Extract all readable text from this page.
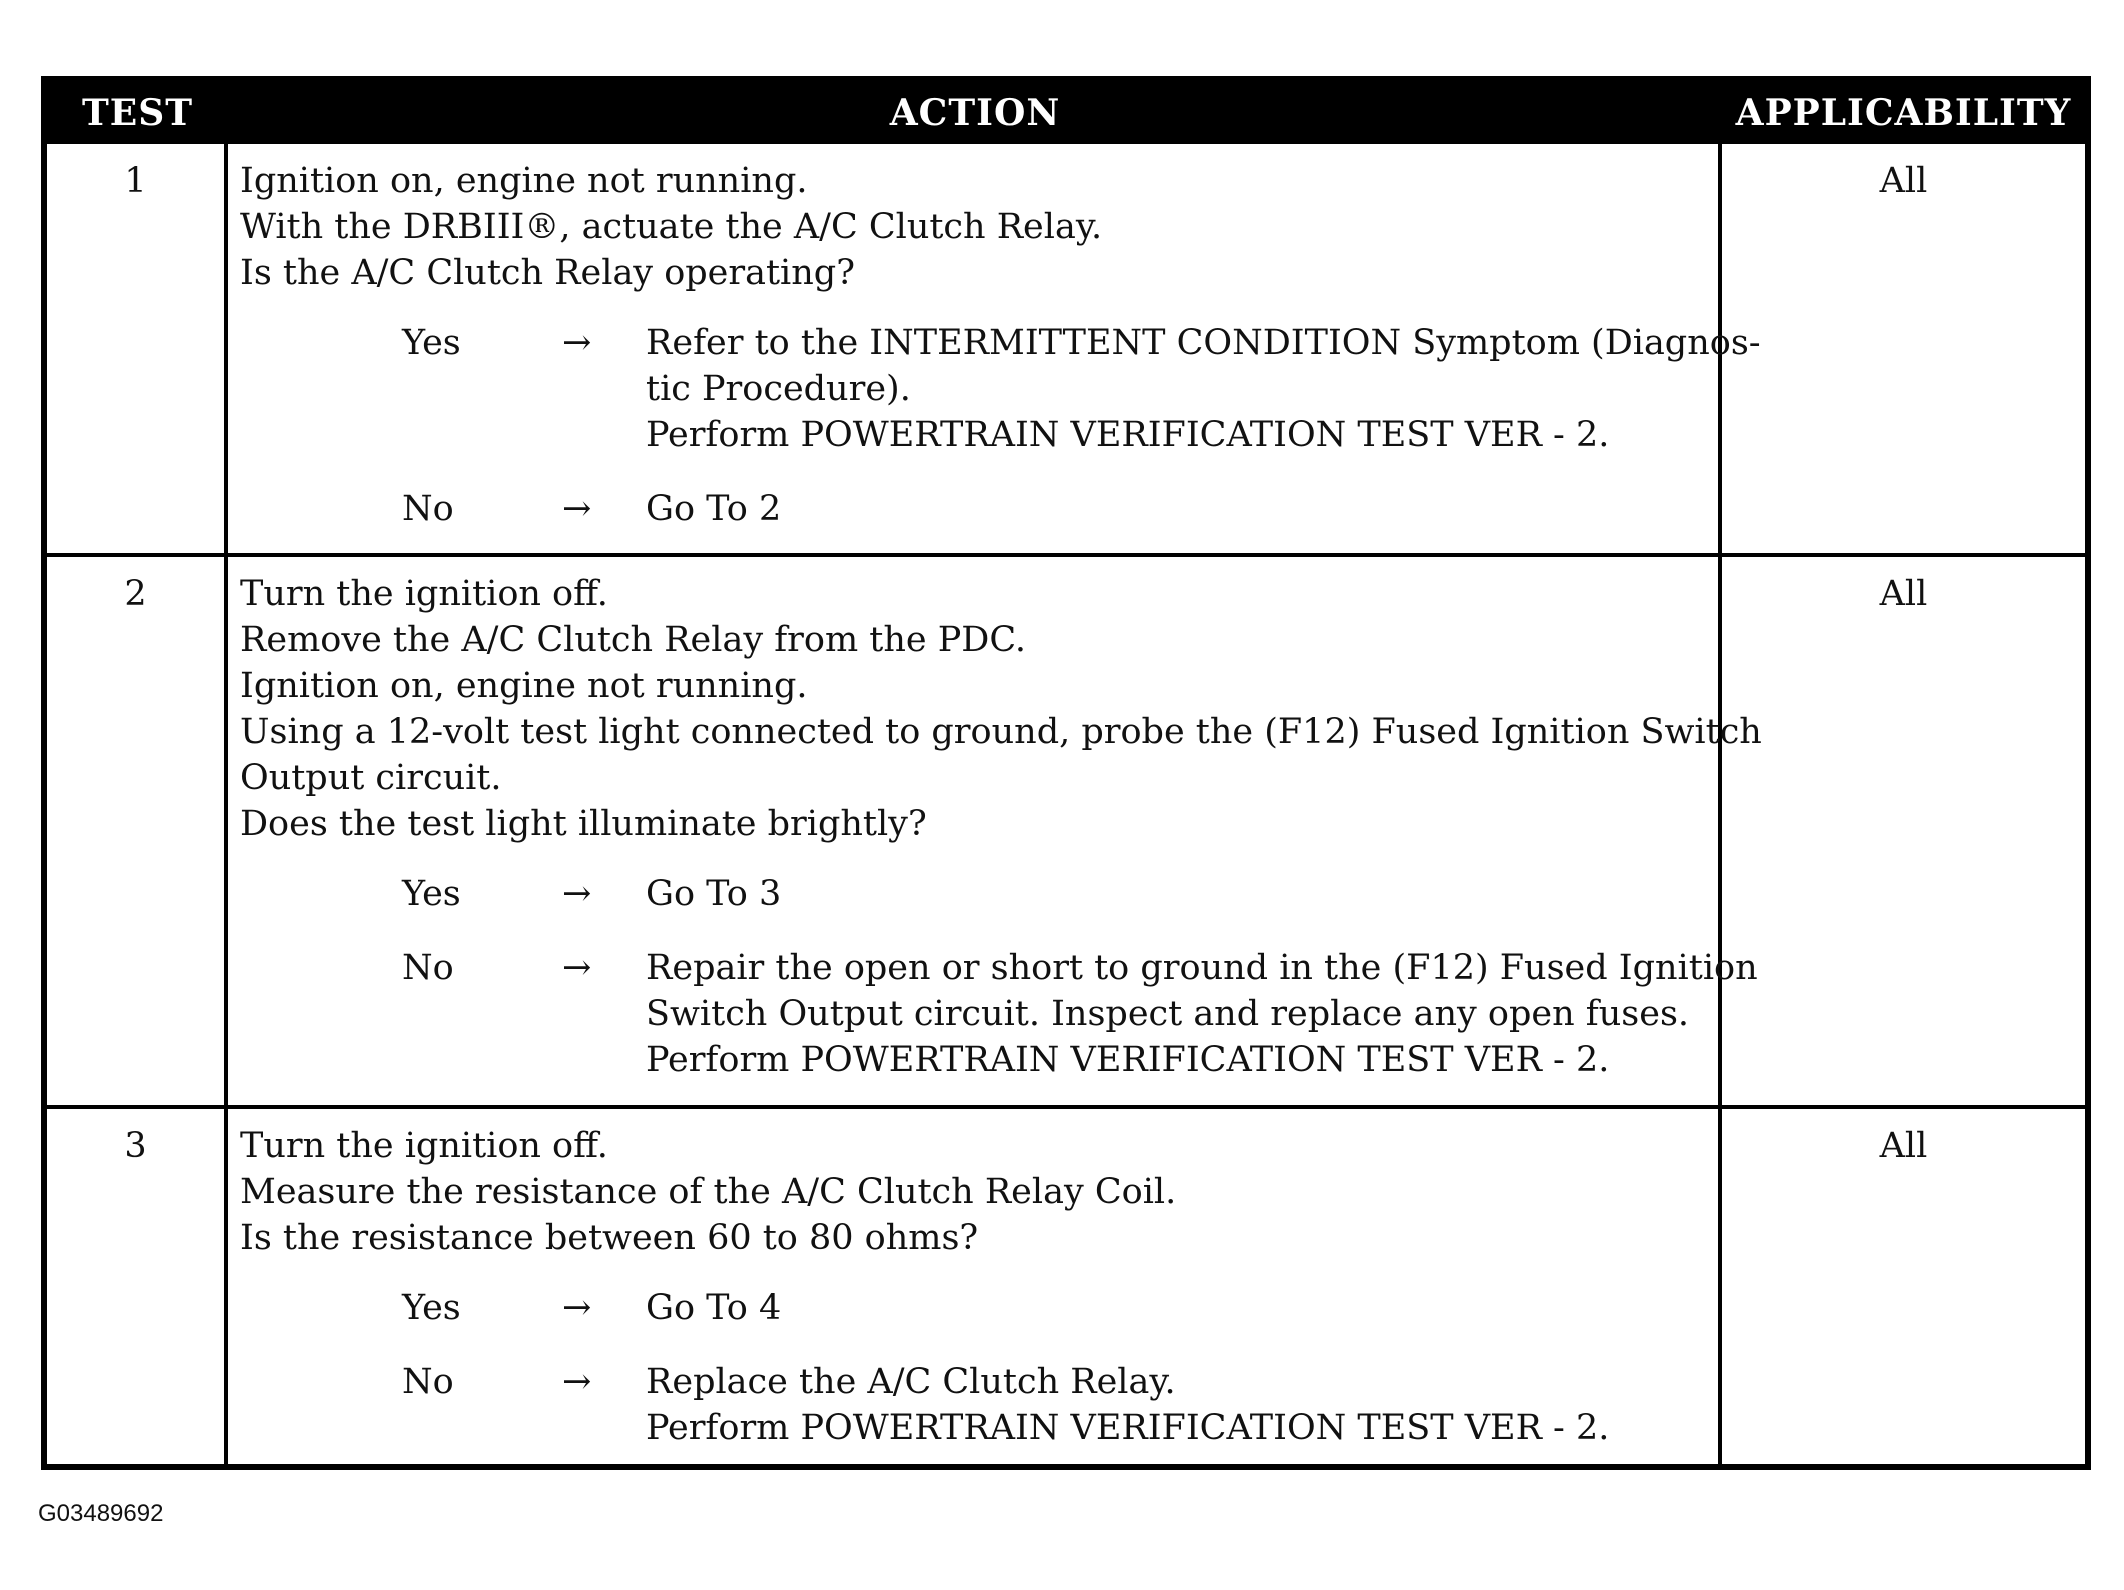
TEST	ACTION	APPLICABILITY
1	Ignition on, engine not running.
With the DRBIII®, actuate the A/C Clutch Relay.
Is the A/C Clutch Relay operating?
Yes	→	Refer to the INTERMITTENT CONDITION Symptom (Diagnos-
tic Procedure).
Perform POWERTRAIN VERIFICATION TEST VER - 2.
No	→	Go To 2
All
2	Turn the ignition off.
Remove the A/C Clutch Relay from the PDC.
Ignition on, engine not running.
Using a 12-volt test light connected to ground, probe the (F12) Fused Ignition Switch
Output circuit.
Does the test light illuminate brightly?
Yes	→	Go To 3
No	→	Repair the open or short to ground in the (F12) Fused Ignition
Switch Output circuit. Inspect and replace any open fuses.
Perform POWERTRAIN VERIFICATION TEST VER - 2.
All
3	Turn the ignition off.
Measure the resistance of the A/C Clutch Relay Coil.
Is the resistance between 60 to 80 ohms?
Yes	→	Go To 4
No	→	Replace the A/C Clutch Relay.
Perform POWERTRAIN VERIFICATION TEST VER - 2.
All
G03489692
